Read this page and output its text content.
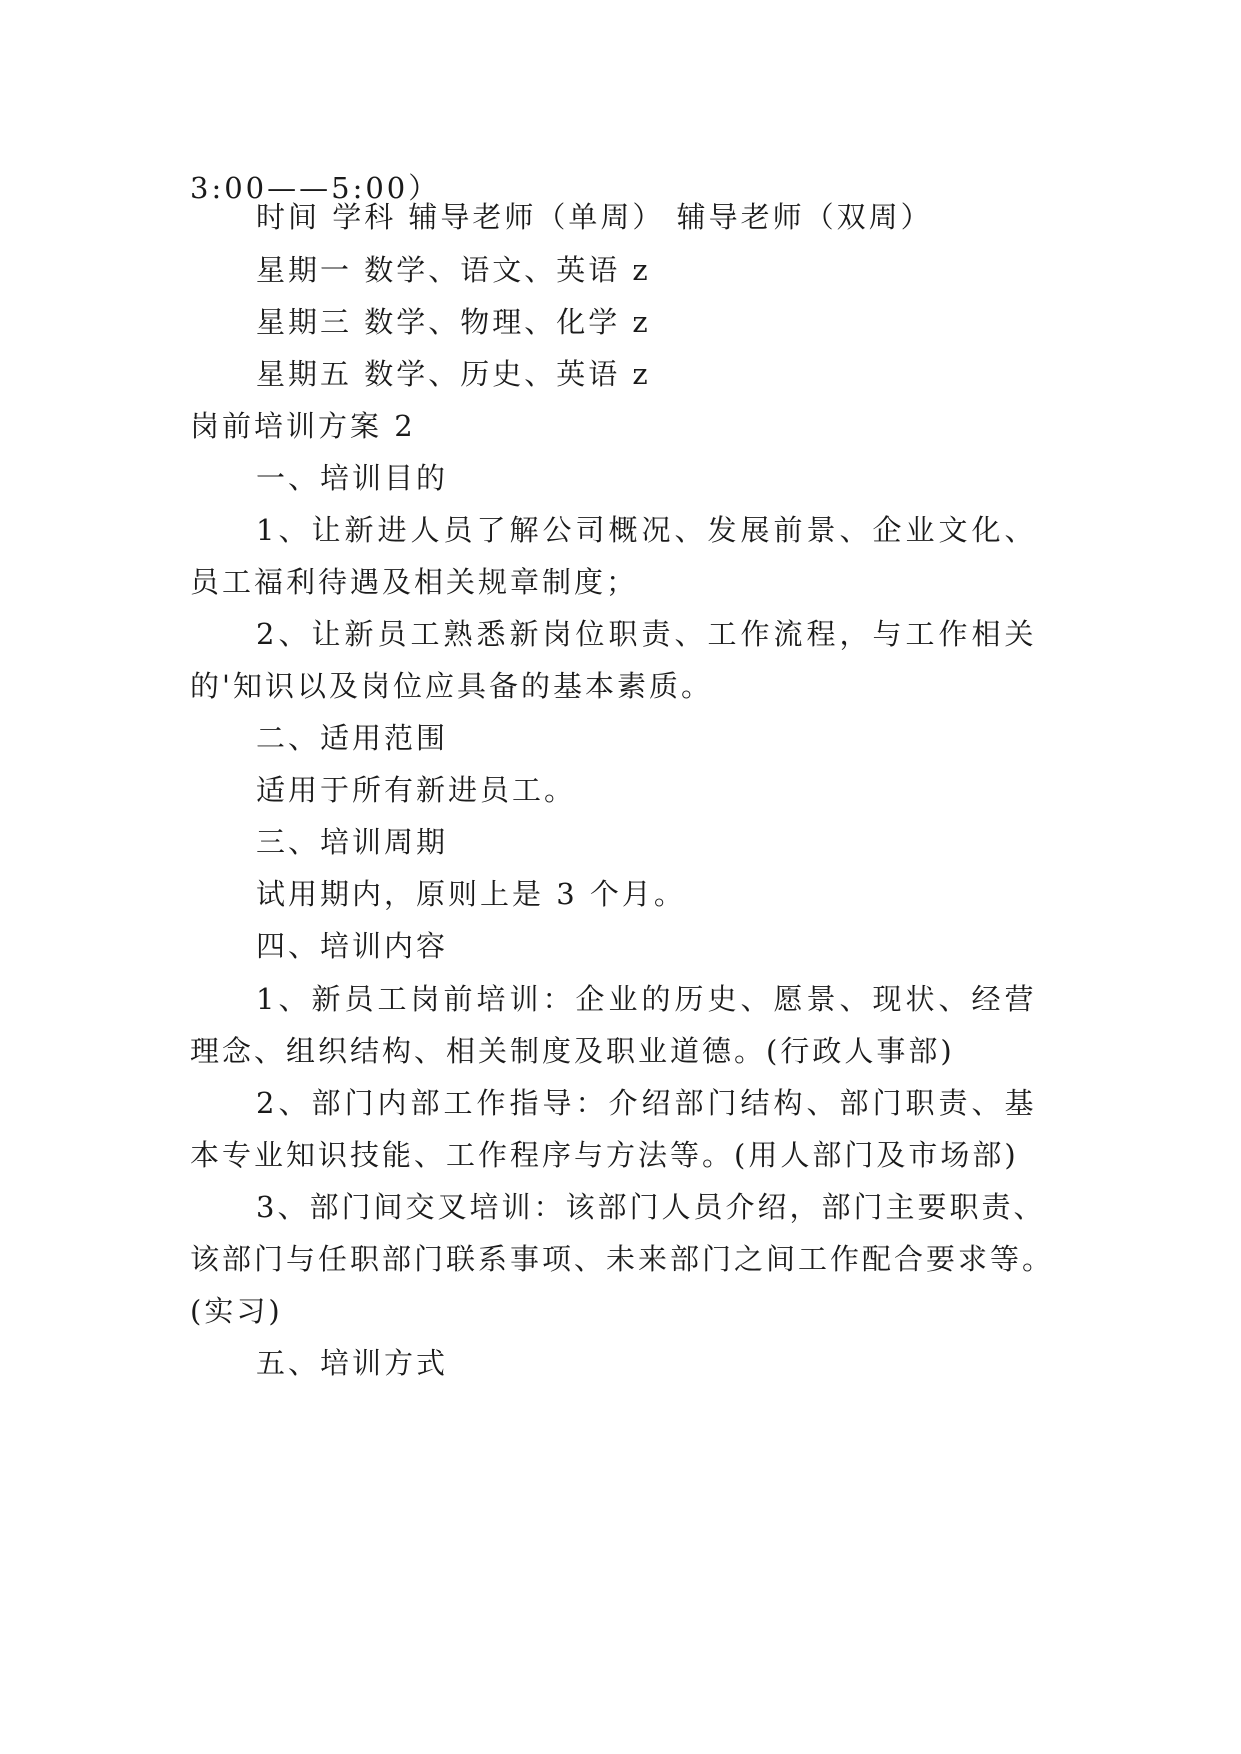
3:00——5:00）

时间 学科 辅导老师（单周） 辅导老师（双周）

星期一 数学、语文、英语 z

星期三 数学、物理、化学 z

星期五 数学、历史、英语 z

岗前培训方案 2

一、培训目的

1、让新进人员了解公司概况、发展前景、企业文化、

员工福利待遇及相关规章制度；

2、让新员工熟悉新岗位职责、工作流程，与工作相关

的'知识以及岗位应具备的基本素质。

二、适用范围

适用于所有新进员工。

三、培训周期

试用期内，原则上是 3 个月。

四、培训内容

1、新员工岗前培训：企业的历史、愿景、现状、经营

理念、组织结构、相关制度及职业道德。(行政人事部)

2、部门内部工作指导：介绍部门结构、部门职责、基

本专业知识技能、工作程序与方法等。(用人部门及市场部)

3、部门间交叉培训：该部门人员介绍，部门主要职责、

该部门与任职部门联系事项、未来部门之间工作配合要求等。

(实习)

五、培训方式
